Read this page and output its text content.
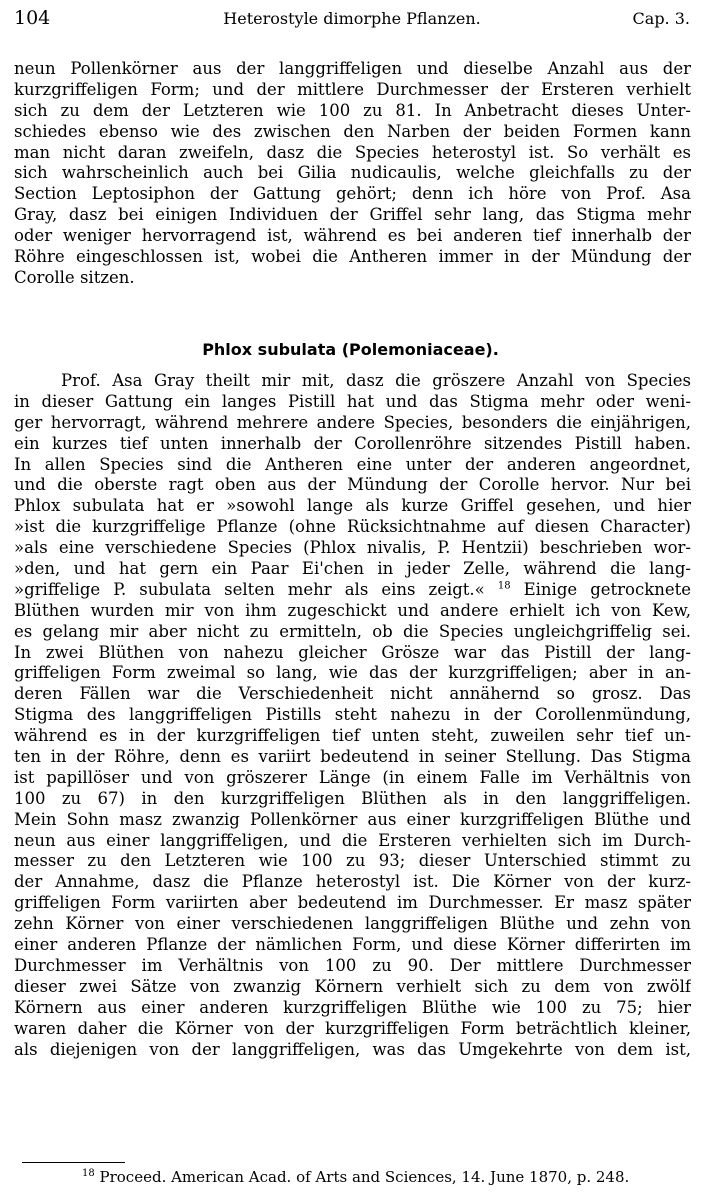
104	Heterostyle dimorphe Pflanzen.	Cap. 3.
neun Pollenkörner aus der langgriffeligen und dieselbe Anzahl aus der
kurzgriffeligen Form; und der mittlere Durchmesser der Ersteren verhielt
sich zu dem der Letzteren wie 100 zu 81. In Anbetracht dieses Unter-
schiedes ebenso wie des zwischen den Narben der beiden Formen kann
man nicht daran zweifeln, dasz die Species heterostyl ist. So verhält es
sich wahrscheinlich auch bei Gilia nudicaulis, welche gleichfalls zu der
Section Leptosiphon der Gattung gehört; denn ich höre von Prof. Asa
Gray, dasz bei einigen Individuen der Griffel sehr lang, das Stigma mehr
oder weniger hervorragend ist, während es bei anderen tief innerhalb der
Röhre eingeschlossen ist, wobei die Antheren immer in der Mündung der
Corolle sitzen.
Phlox subulata (Polemoniaceae).
Prof. Asa Gray theilt mir mit, dasz die gröszere Anzahl von Species
in dieser Gattung ein langes Pistill hat und das Stigma mehr oder weni-
ger hervorragt, während mehrere andere Species, besonders die einjährigen,
ein kurzes tief unten innerhalb der Corollenröhre sitzendes Pistill haben.
In allen Species sind die Antheren eine unter der anderen angeordnet,
und die oberste ragt oben aus der Mündung der Corolle hervor. Nur bei
Phlox subulata hat er »sowohl lange als kurze Griffel gesehen, und hier
»ist die kurzgriffelige Pflanze (ohne Rücksichtnahme auf diesen Character)
»als eine verschiedene Species (Phlox nivalis, P. Hentzii) beschrieben wor-
»den, und hat gern ein Paar Ei'chen in jeder Zelle, während die lang-
»griffelige P. subulata selten mehr als eins zeigt.« $^{18}$ Einige getrocknete
Blüthen wurden mir von ihm zugeschickt und andere erhielt ich von Kew,
es gelang mir aber nicht zu ermitteln, ob die Species ungleichgriffelig sei.
In zwei Blüthen von nahezu gleicher Grösze war das Pistill der lang-
griffeligen Form zweimal so lang, wie das der kurzgriffeligen; aber in an-
deren Fällen war die Verschiedenheit nicht annähernd so grosz. Das
Stigma des langgriffeligen Pistills steht nahezu in der Corollenmündung,
während es in der kurzgriffeligen tief unten steht, zuweilen sehr tief un-
ten in der Röhre, denn es variirt bedeutend in seiner Stellung. Das Stigma
ist papillöser und von gröszerer Länge (in einem Falle im Verhältnis von
100 zu 67) in den kurzgriffeligen Blüthen als in den langgriffeligen.
Mein Sohn masz zwanzig Pollenkörner aus einer kurzgriffeligen Blüthe und
neun aus einer langgriffeligen, und die Ersteren verhielten sich im Durch-
messer zu den Letzteren wie 100 zu 93; dieser Unterschied stimmt zu
der Annahme, dasz die Pflanze heterostyl ist. Die Körner von der kurz-
griffeligen Form variirten aber bedeutend im Durchmesser. Er masz später
zehn Körner von einer verschiedenen langgriffeligen Blüthe und zehn von
einer anderen Pflanze der nämlichen Form, und diese Körner differirten im
Durchmesser im Verhältnis von 100 zu 90. Der mittlere Durchmesser
dieser zwei Sätze von zwanzig Körnern verhielt sich zu dem von zwölf
Körnern aus einer anderen kurzgriffeligen Blüthe wie 100 zu 75; hier
waren daher die Körner von der kurzgriffeligen Form beträchtlich kleiner,
als diejenigen von der langgriffeligen, was das Umgekehrte von dem ist,
$^{18}$ Proceed. American Acad. of Arts and Sciences, 14. June 1870, p. 248.
